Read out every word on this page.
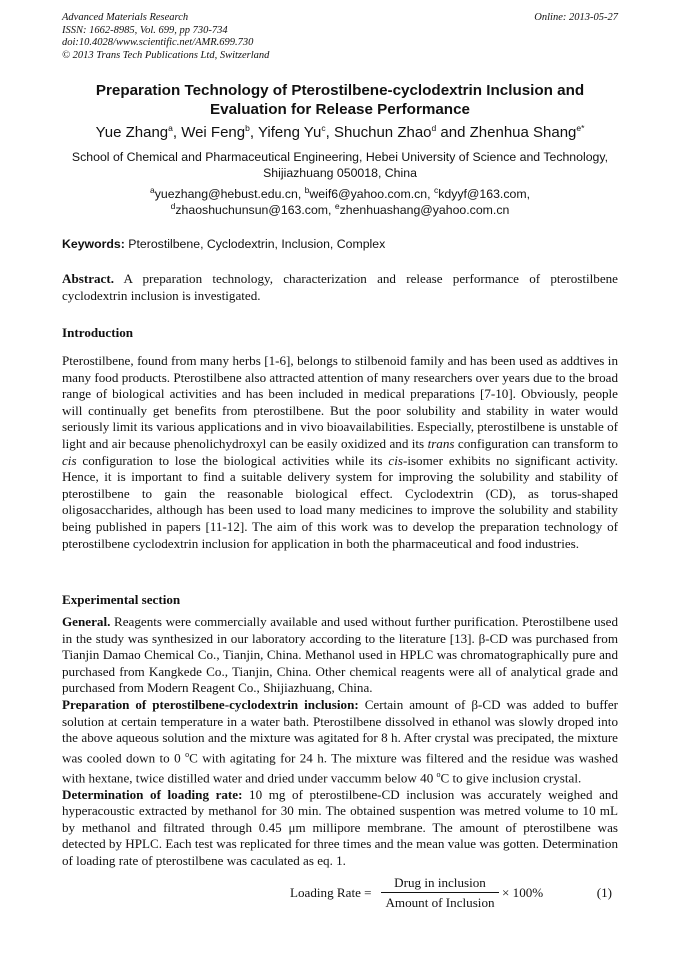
Advanced Materials Research
ISSN: 1662-8985, Vol. 699, pp 730-734
doi:10.4028/www.scientific.net/AMR.699.730
© 2013 Trans Tech Publications Ltd, Switzerland
Online: 2013-05-27
Preparation Technology of Pterostilbene-cyclodextrin Inclusion and Evaluation for Release Performance
Yue Zhang$^a$, Wei Feng$^b$, Yifeng Yu$^c$, Shuchun Zhao$^d$ and Zhenhua Shang$^{e*}$
School of Chemical and Pharmaceutical Engineering, Hebei University of Science and Technology, Shijiazhuang 050018, China
$^a$yuezhang@hebust.edu.cn, $^b$weif6@yahoo.com.cn, $^c$kdyyf@163.com,
$^d$zhaoshuchunsun@163.com, $^e$zhenhuashang@yahoo.com.cn
Keywords: Pterostilbene, Cyclodextrin, Inclusion, Complex
Abstract. A preparation technology, characterization and release performance of pterostilbene cyclodextrin inclusion is investigated.
Introduction
Pterostilbene, found from many herbs [1-6], belongs to stilbenoid family and has been used as addtives in many food products. Pterostilbene also attracted attention of many researchers over years due to the broad range of biological activities and has been included in medical preparations [7-10]. Obviously, people will continually get benefits from pterostilbene. But the poor solubility and stability in water would seriously limit its various applications and in vivo bioavailabilities. Especially, pterostilbene is unstable of light and air because phenolichydroxyl can be easily oxidized and its trans configuration can transform to cis configuration to lose the biological activities while its cis-isomer exhibits no significant activity. Hence, it is important to find a suitable delivery system for improving the solubility and stability of pterostilbene to gain the reasonable biological effect. Cyclodextrin (CD), as torus-shaped oligosaccharides, although has been used to load many medicines to improve the solubility and stability being published in papers [11-12]. The aim of this work was to develop the preparation technology of pterostilbene cyclodextrin inclusion for application in both the pharmaceutical and food industries.
Experimental section
General. Reagents were commercially available and used without further purification. Pterostilbene used in the study was synthesized in our laboratory according to the literature [13]. β-CD was purchased from Tianjin Damao Chemical Co., Tianjin, China. Methanol used in HPLC was chromatographically pure and purchased from Kangkede Co., Tianjin, China. Other chemical reagents were all of analytical grade and purchased from Modern Reagent Co., Shijiazhuang, China.
Preparation of pterostilbene-cyclodextrin inclusion: Certain amount of β-CD was added to buffer solution at certain temperature in a water bath. Pterostilbene dissolved in ethanol was slowly droped into the above aqueous solution and the mixture was agitated for 8 h. After crystal was precipated, the mixture was cooled down to 0 $^o$C with agitating for 24 h. The mixture was filtered and the residue was washed with hextane, twice distilled water and dried under vaccumm below 40 $^o$C to give inclusion crystal.
Determination of loading rate: 10 mg of pterostilbene-CD inclusion was accurately weighed and hyperacoustic extracted by methanol for 30 min. The obtained suspention was metred volume to 10 mL by methanol and filtrated through 0.45 μm millipore membrane. The amount of pterostilbene was detected by HPLC. Each test was replicated for three times and the mean value was gotten. Determination of loading rate of pterostilbene was caculated as eq. 1.
Loading Rate =
Drug in inclusion
Amount of Inclusion
× 100%	(1)
